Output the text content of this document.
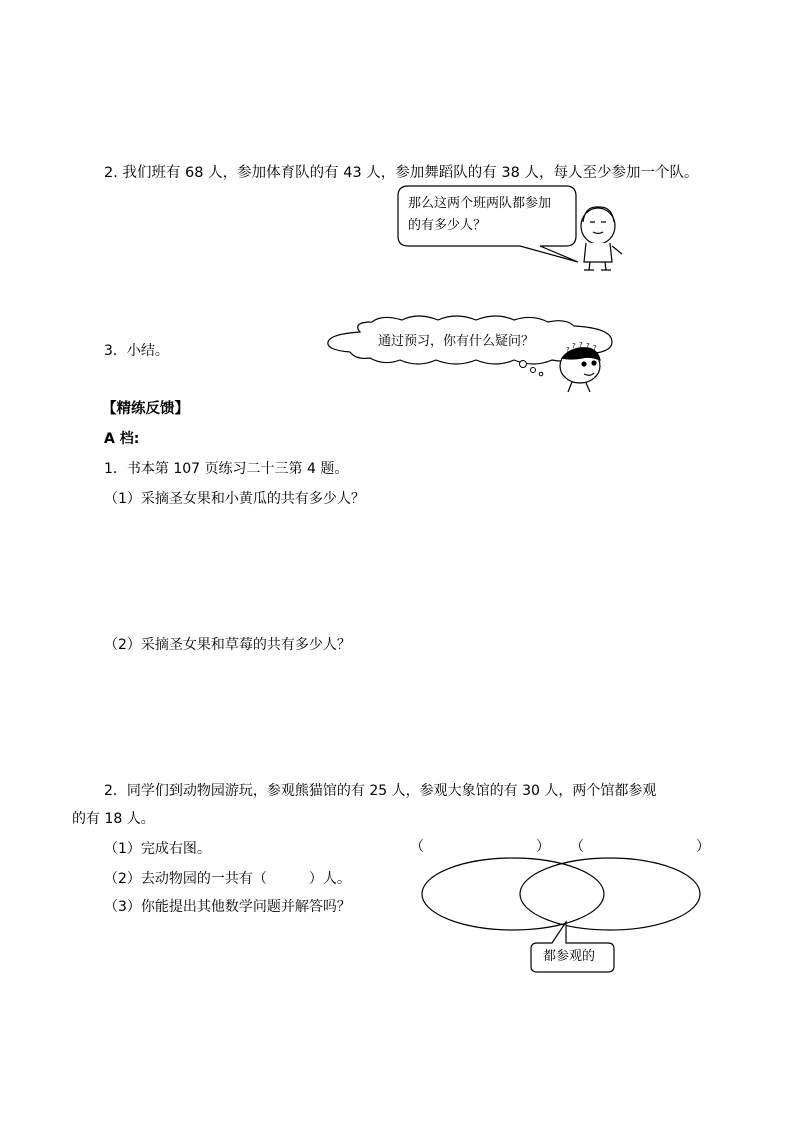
2. 我们班有 68 人，参加体育队的有 43 人，参加舞蹈队的有 38 人，每人至少参加一个队。
? ? ? ? ?
那么这两个班两队都参加
的有多少人？
3．小结。
通过预习，你有什么疑问？
【精练反馈】
A 档:
1．书本第 107 页练习二十三第 4 题。
（1）采摘圣女果和小黄瓜的共有多少人？
（2）采摘圣女果和草莓的共有多少人？
2．同学们到动物园游玩，参观熊猫馆的有 25 人，参观大象馆的有 30 人，两个馆都参观
的有 18 人。
（1）完成右图。
（2）去动物园的一共有（　　　）人。
（3）你能提出其他数学问题并解答吗？
（　　　　　　　　） （　　　　　　　　）
都参观的
